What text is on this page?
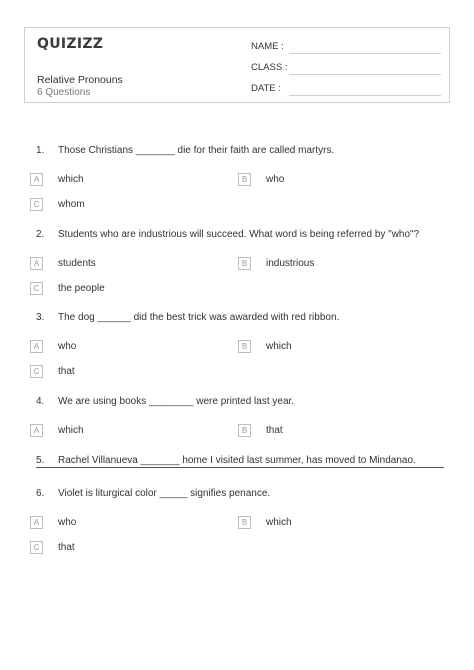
QUIZIZZ
Relative Pronouns
6 Questions
NAME :
CLASS :
DATE :
1. Those Christians _______ die for their faith are called martyrs.
A	which	B	who
C	whom
2. Students who are industrious will succeed. What word is being referred by "who"?
A	students	B	industrious
C	the people
3. The dog ______ did the best trick was awarded with red ribbon.
A	who	B	which
C	that
4. We are using books ________ were printed last year.
A	which	B	that
5. Rachel Villanueva _______ home I visited last summer, has moved to Mindanao.
6. Violet is liturgical color _____ signifies penance.
A	who	B	which
C	that
